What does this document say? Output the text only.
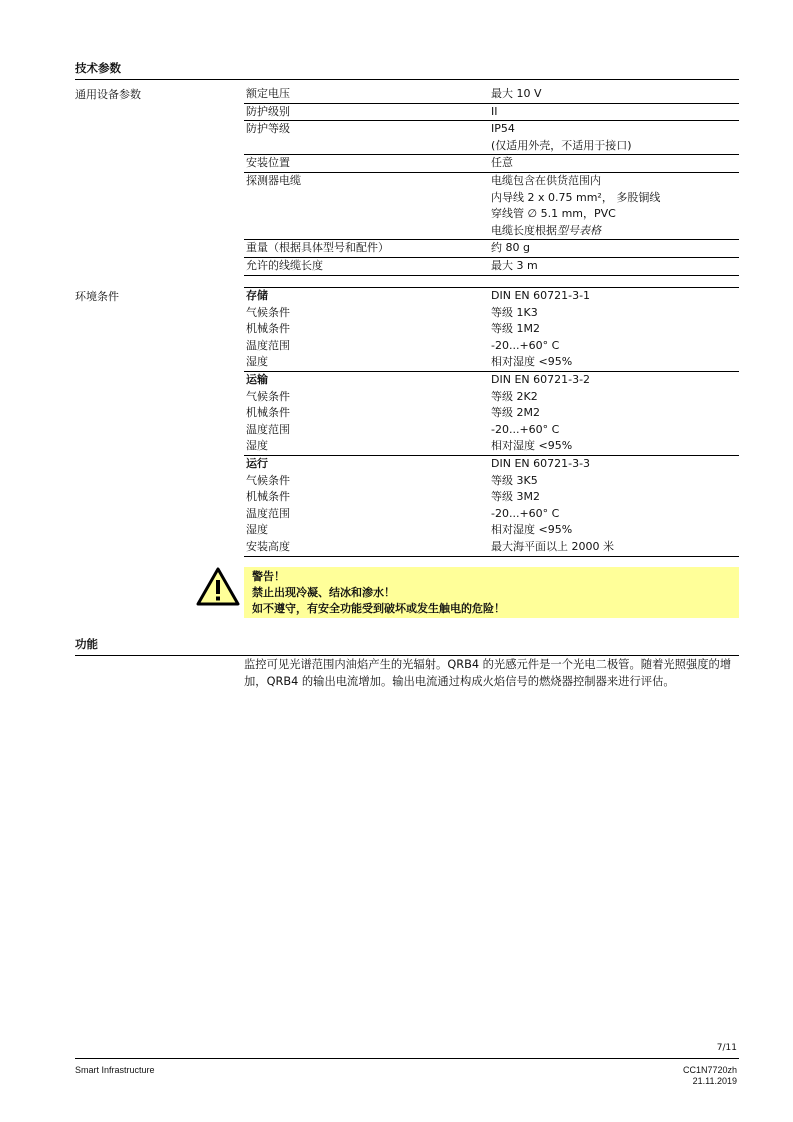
技术参数
通用设备参数	额定电压	最大 10 V
防护级别	II
防护等级	IP54
(仅适用外壳，不适用于接口)

安装位置	任意
探测器电缆	电缆包含在供货范围内
内导线 2 x 0.75 mm²， 多股铜线
穿线管 ∅ 5.1 mm，PVC
电缆长度根据型号表格

重量（根据具体型号和配件）	约 80 g
允许的线缆长度	最大 3 m
环境条件	存储	DIN EN 60721-3-1
气候条件	等级 1K3
机械条件	等级 1M2
温度范围	-20...+60° C
湿度	相对湿度 <95%
运输	DIN EN 60721-3-2
气候条件	等级 2K2
机械条件	等级 2M2
温度范围	-20...+60° C
湿度	相对湿度 <95%
运行	DIN EN 60721-3-3
气候条件	等级 3K5
机械条件	等级 3M2
温度范围	-20...+60° C
湿度	相对湿度 <95%
安装高度	最大海平面以上 2000 米
警告！
禁止出现冷凝、结冰和渗水！
如不遵守，有安全功能受到破坏或发生触电的危险！
功能
监控可见光谱范围内油焰产生的光辐射。QRB4 的光感元件是一个光电二极管。随着光照强度的增加，QRB4 的输出电流增加。输出电流通过构成火焰信号的燃烧器控制器来进行评估。
7/11
Smart Infrastructure	CC1N7720zh
21.11.2019
